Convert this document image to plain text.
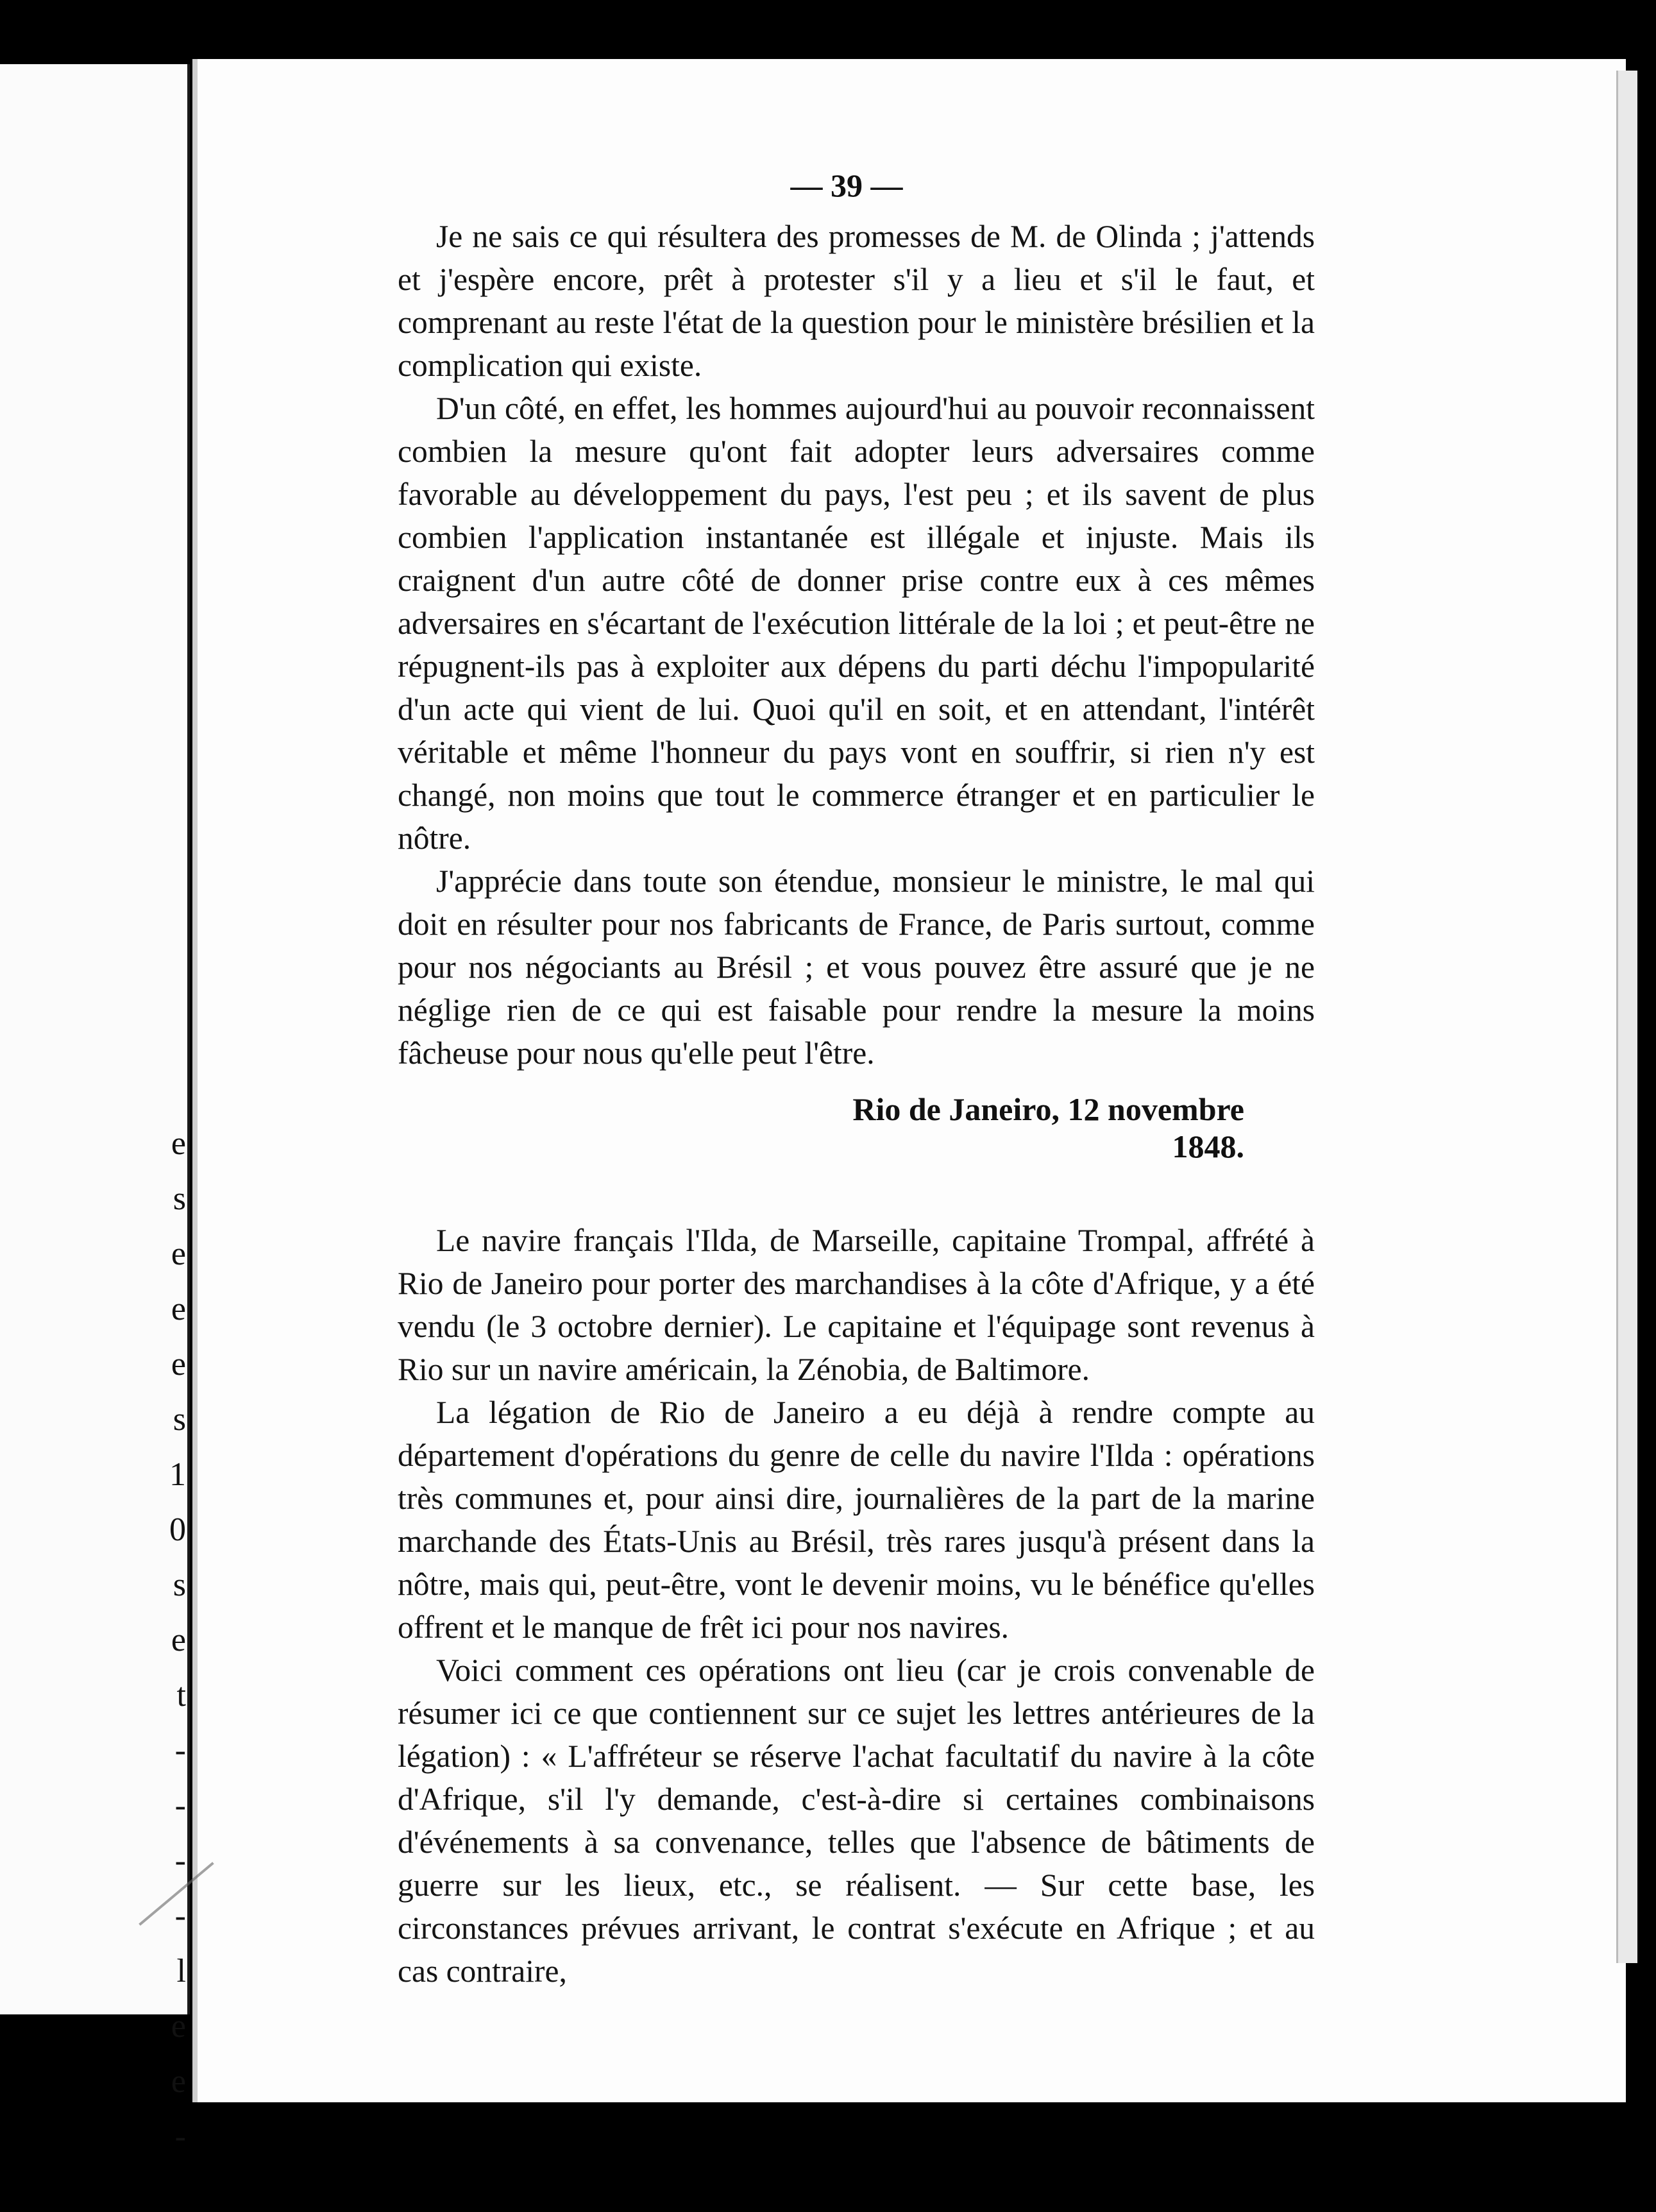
e
s
e
e
e
s
1
0
s
e
t
-
-
-
-
l
e
e
-
— 39 —

Je ne sais ce qui résultera des promesses de M. de Olinda ; j'attends et j'espère encore, prêt à protester s'il y a lieu et s'il le faut, et comprenant au reste l'état de la question pour le ministère brésilien et la complication qui existe.

D'un côté, en effet, les hommes aujourd'hui au pouvoir reconnaissent combien la mesure qu'ont fait adopter leurs adversaires comme favorable au développement du pays, l'est peu ; et ils savent de plus combien l'application instantanée est illégale et injuste. Mais ils craignent d'un autre côté de donner prise contre eux à ces mêmes adversaires en s'écartant de l'exécution littérale de la loi ; et peut-être ne répugnent-ils pas à exploiter aux dépens du parti déchu l'impopularité d'un acte qui vient de lui. Quoi qu'il en soit, et en attendant, l'intérêt véritable et même l'honneur du pays vont en souffrir, si rien n'y est changé, non moins que tout le commerce étranger et en particulier le nôtre.

J'apprécie dans toute son étendue, monsieur le ministre, le mal qui doit en résulter pour nos fabricants de France, de Paris surtout, comme pour nos négociants au Brésil ; et vous pouvez être assuré que je ne néglige rien de ce qui est faisable pour rendre la mesure la moins fâcheuse pour nous qu'elle peut l'être.

Rio de Janeiro, 12 novembre 1848.

Le navire français l'Ilda, de Marseille, capitaine Trompal, affrété à Rio de Janeiro pour porter des marchandises à la côte d'Afrique, y a été vendu (le 3 octobre dernier). Le capitaine et l'équipage sont revenus à Rio sur un navire américain, la Zénobia, de Baltimore.

La légation de Rio de Janeiro a eu déjà à rendre compte au département d'opérations du genre de celle du navire l'Ilda : opérations très communes et, pour ainsi dire, journalières de la part de la marine marchande des États-Unis au Brésil, très rares jusqu'à présent dans la nôtre, mais qui, peut-être, vont le devenir moins, vu le bénéfice qu'elles offrent et le manque de frêt ici pour nos navires.

Voici comment ces opérations ont lieu (car je crois convenable de résumer ici ce que contiennent sur ce sujet les lettres antérieures de la légation) : « L'affréteur se réserve l'achat facultatif du navire à la côte d'Afrique, s'il l'y demande, c'est-à-dire si certaines combinaisons d'événements à sa convenance, telles que l'absence de bâtiments de guerre sur les lieux, etc., se réalisent. — Sur cette base, les circonstances prévues arrivant, le contrat s'exécute en Afrique ; et au cas contraire,
